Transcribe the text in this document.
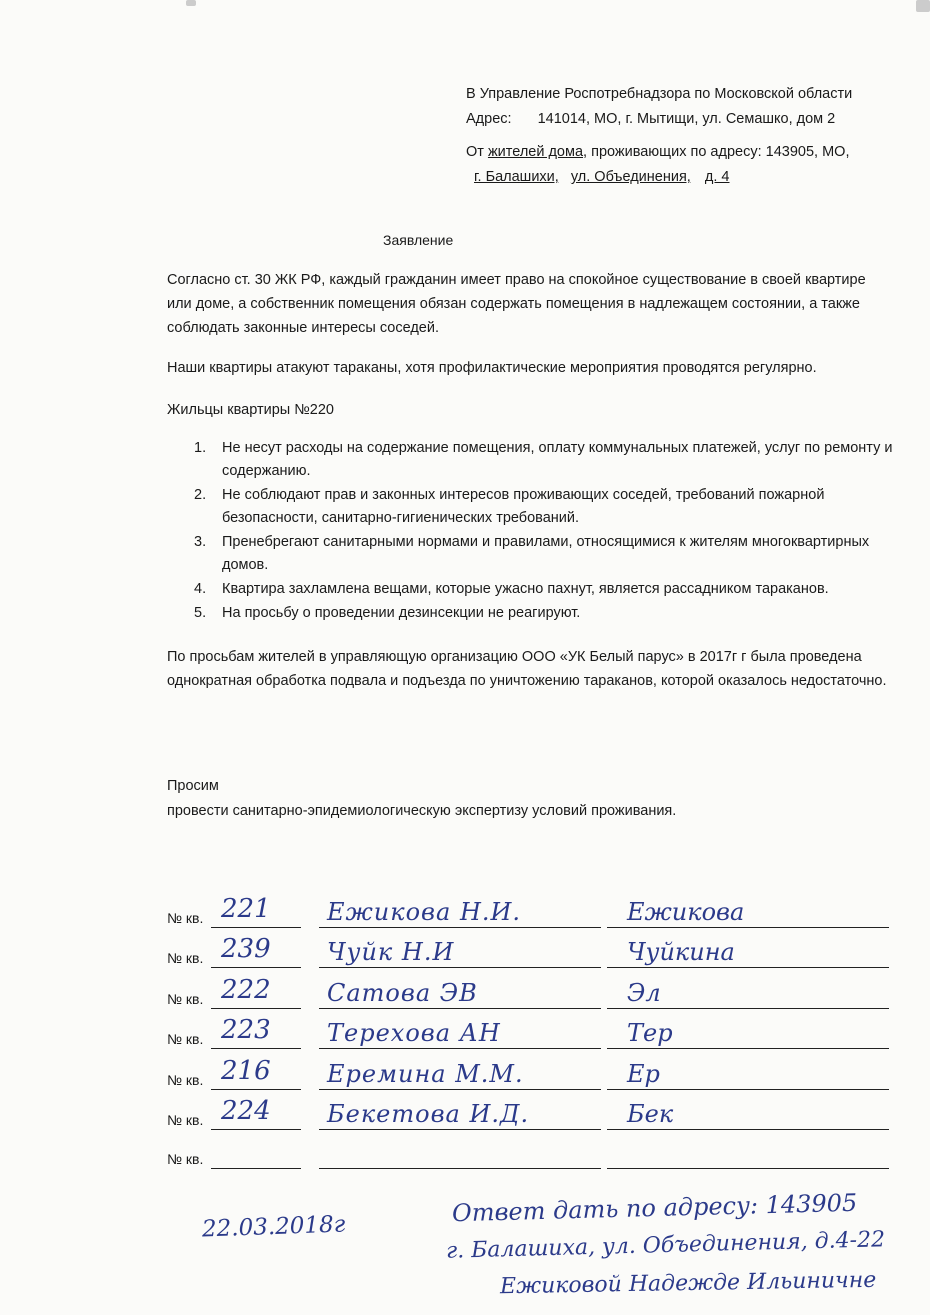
В Управление Роспотребнадзора по Московской области
Адрес: 141014, МО, г. Мытищи, ул. Семашко, дом 2
От жителей дома, проживающих по адресу: 143905, МО,
г. Балашихи, ул. Объединения, д. 4
Заявление
Согласно ст. 30 ЖК РФ, каждый гражданин имеет право на спокойное существование в своей квартире или доме, а собственник помещения обязан содержать помещения в надлежащем состоянии, а также соблюдать законные интересы соседей.
Наши квартиры атакуют тараканы, хотя профилактические мероприятия проводятся регулярно.
Жильцы квартиры №220
1. Не несут расходы на содержание помещения, оплату коммунальных платежей, услуг по ремонту и содержанию.
2. Не соблюдают прав и законных интересов проживающих соседей, требований пожарной безопасности, санитарно-гигиенических требований.
3. Пренебрегают санитарными нормами и правилами, относящимися к жителям многоквартирных домов.
4. Квартира захламлена вещами, которые ужасно пахнут, является рассадником тараканов.
5. На просьбу о проведении дезинсекции не реагируют.
По просьбам жителей в управляющую организацию ООО «УК Белый парус» в 2017г г была проведена однократная обработка подвала и подъезда по уничтожению тараканов, которой оказалось недостаточно.
Просим
провести санитарно-эпидемиологическую экспертизу условий проживания.
№ кв. 221 Ежикова Н.И.	Ежикова
№ кв. 239 Чуйк Н.И	Чуйкина
№ кв. 222 Сатова ЭВ	Эл
№ кв. 223 Терехова АН	Тер
№ кв. 216 Еремина М.М.	Ер
№ кв. 224 Бекетова И.Д.	Бек
№ кв.
22.03.2018г	Ответ дать по адресу: 143905
г. Балашиха, ул. Объединения, д.4-22
Ежиковой Надежде Ильиничне
